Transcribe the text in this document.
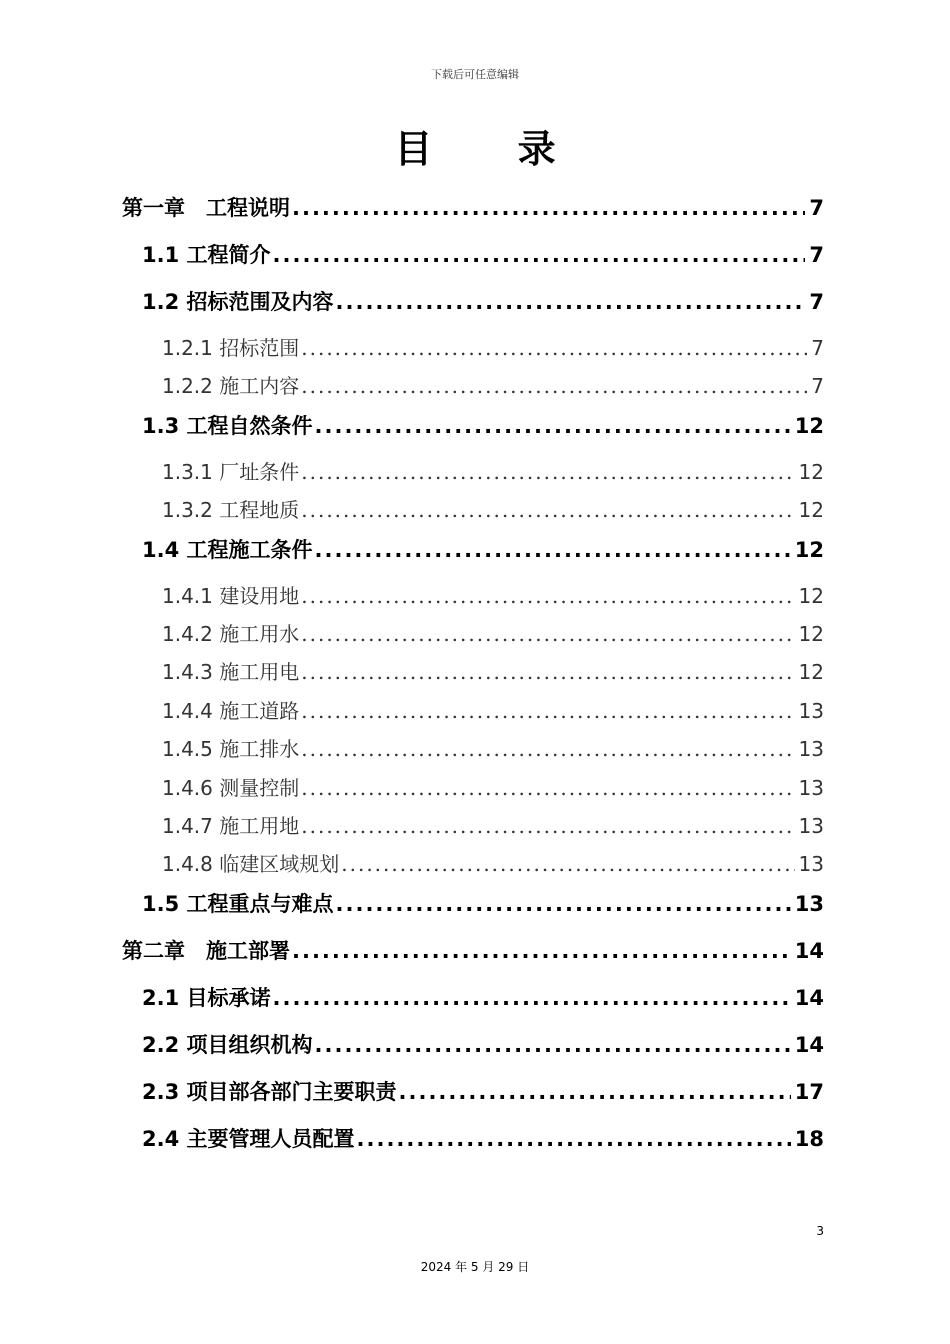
下载后可任意编辑
目 录
第一章　工程说明 .....	7
1.1 工程简介 .....	7
1.2 招标范围及内容 .....	7
1.2.1 招标范围 .....	7
1.2.2 施工内容 .....	7
1.3 工程自然条件 .....	12
1.3.1 厂址条件 .....	12
1.3.2 工程地质 .....	12
1.4 工程施工条件 .....	12
1.4.1 建设用地 .....	12
1.4.2 施工用水 .....	12
1.4.3 施工用电 .....	12
1.4.4 施工道路 .....	13
1.4.5 施工排水 .....	13
1.4.6 测量控制 .....	13
1.4.7 施工用地 .....	13
1.4.8 临建区域规划 .....	13
1.5 工程重点与难点 .....	13
第二章　施工部署 .....	14
2.1 目标承诺 .....	14
2.2 项目组织机构 .....	14
2.3 项目部各部门主要职责 .....	17
2.4 主要管理人员配置 .....	18
3
2024 年 5 月 29 日
